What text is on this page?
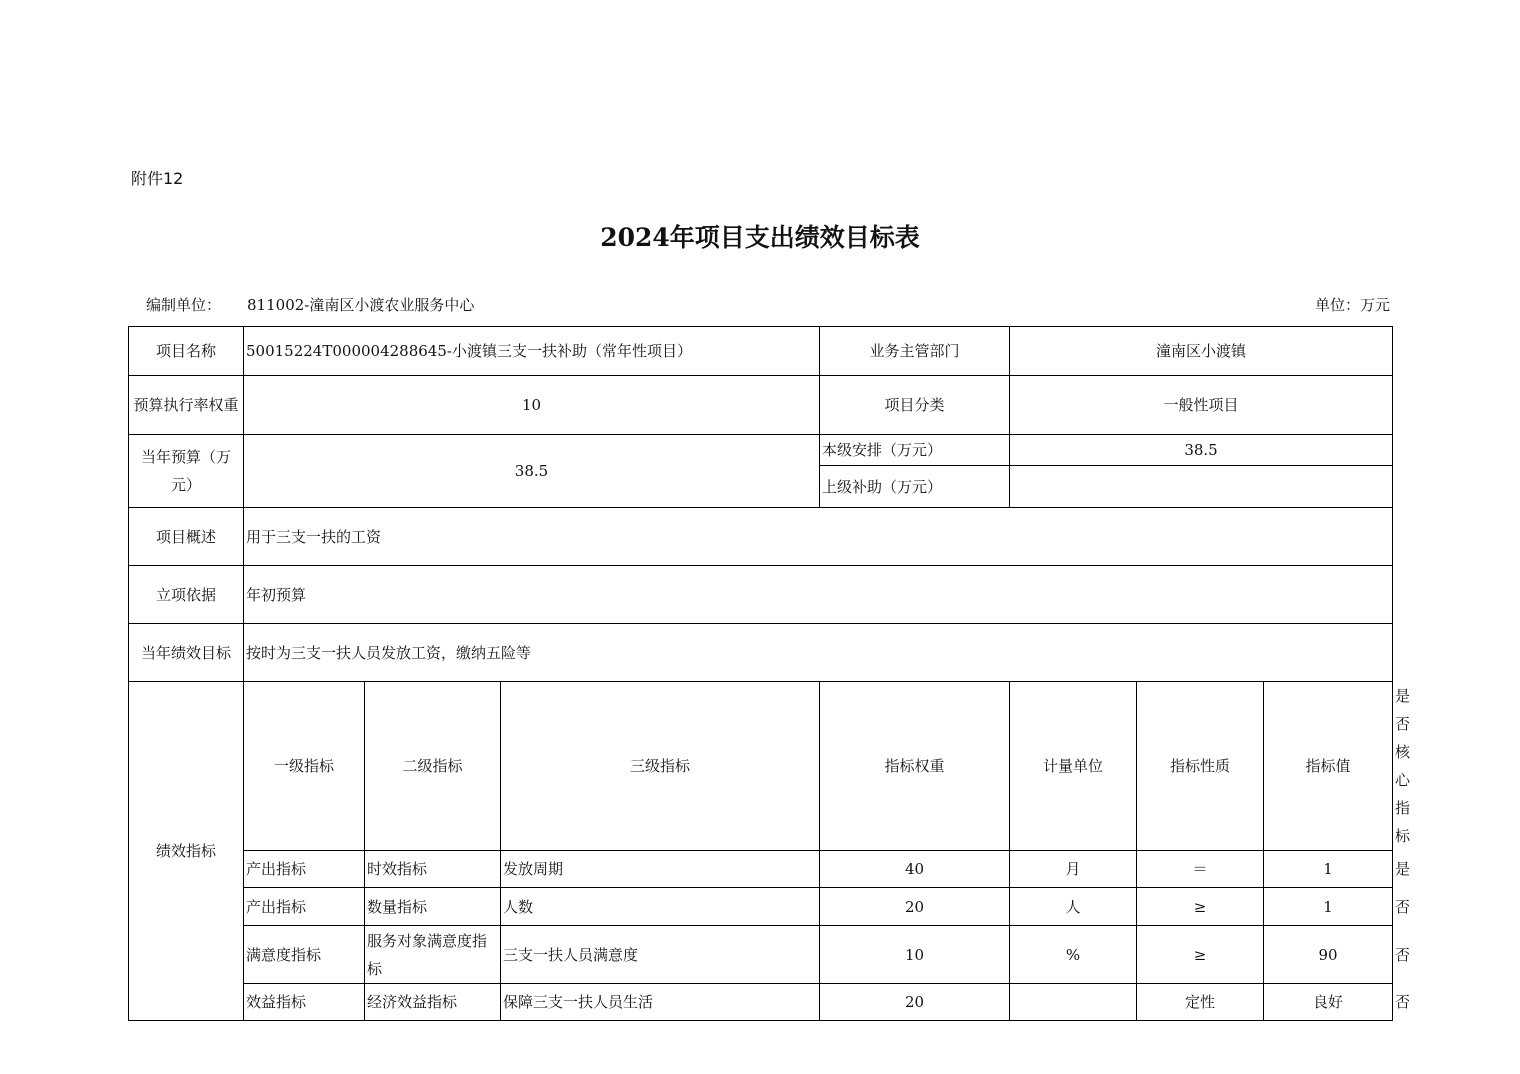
附件12
2024年项目支出绩效目标表
编制单位： 811002-潼南区小渡农业服务中心	单位：万元
项目名称	50015224T000004288645-小渡镇三支一扶补助（常年性项目）			业务主管部门	潼南区小渡镇			
预算执行率权重	10			项目分类	一般性项目			
当年预算（万元）	38.5			本级安排（万元）	38.5			
				上级补助（万元）				
项目概述	用于三支一扶的工资							
立项依据	年初预算							
当年绩效目标	按时为三支一扶人员发放工资，缴纳五险等							
绩效指标	一级指标	二级指标	三级指标	指标权重	计量单位	指标性质	指标值	是否核心指标
	产出指标	时效指标	发放周期	40	月	＝	1	是
	产出指标	数量指标	人数	20	人	≥	1	否
	满意度指标	服务对象满意度指标	三支一扶人员满意度	10	%	≥	90	否
	效益指标	经济效益指标	保障三支一扶人员生活	20		定性	良好	否
